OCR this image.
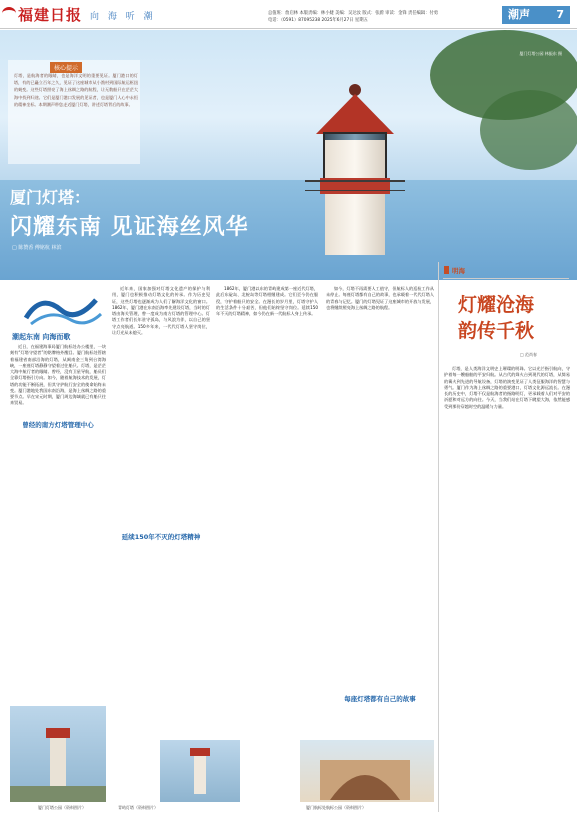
福建日报 向 海 听 潮	总值班：詹启林 本版责编：林小婕 美编：吴达汝 版式：张蔚 审读：金锋 责任编辑：付勇
电话：（0591）87095238 2025年6月27日 星期五	潮声 7
厦门灯塔公园 林振东 摄
核心提示
灯塔，是航海者的眼睛，也是海洋文明的重要见证。厦门港口的灯塔，有的已矗立百年之久，见证了这座城市从小渔村到国际航运枢纽的蜕变。这些灯塔照亮了海上丝绸之路的航程，让无数船只在茫茫大海中找到归途。它们是厦门港口发展的见证者，也是厦门人心中永恒的精神坐标。本期潮声带您走近厦门灯塔，讲述灯塔背后的故事。
厦门灯塔：
闪耀东南 见证海丝风华
□ 陈赞香 傅铭杭 林滨
潮起东南 向海而歌

近日，在福建海事局厦门航标处办公楼里，一块刻有“灯塔守望者”的铭牌格外醒目。厦门航标处管辖着福建省南部沿海的灯塔，从闽南金三角到台湾海峡，一座座灯塔静静守望着过往船只。灯塔，是茫茫大海中航行者的眼睛。曾经，没有卫星导航，船员们全靠灯塔指引方向。如今，随着航海技术的发展，灯塔的功能不断拓展，但其守护航行安全的使命始终未变。厦门港地处我国东南沿海，是海上丝绸之路的重要节点。早在宋元时期，厦门周边海域就已有船只往来贸易。

曾经的南方灯塔管理中心

近年来，国家加强对灯塔文化遗产的保护与利用，厦门也积极推动灯塔文化的传承。作为历史见证，这些灯塔也逐渐成为人们了解海洋文化的窗口。1862年，厦门港在东南沿海率先建设灯塔，当时的灯塔由海关管理，曾一度成为南方灯塔的管理中心。灯塔工作者们长年驻守孤岛，与风浪为伴，以自己的坚守点亮航道。150多年来，一代代灯塔人坚守岗位，让灯光从未熄灭。

延续150年不灭的灯塔精神

1862年，厦门港以东的青屿建成第一座近代灯塔，此后东碇岛、北椗岛等灯塔相继建成。它们至今仍在服役，守护着船只的安全。在漫长的岁月里，灯塔守护人的生活条件十分艰苦，但他们始终坚守岗位。延续150年不灭的灯塔精神，如今仍在新一代航标人身上传承。

如今，灯塔不再需要人工值守，但航标人的巡检工作从未停止。每座灯塔都有自己的故事，也承载着一代代灯塔人的青春与记忆。厦门的灯塔见证了这座城市的开放与发展，也将继续照亮海上丝绸之路的航程。

每座灯塔都有自己的故事
明海
灯耀沧海韵传千秋
□ 范尚春

灯塔，是人类海洋文明史上璀璨的明珠。它以光芒指引航向，守护着每一艘船舶的平安归航。从古代的烽火台到现代的灯塔，从简易的篝火到先进的导航设备，灯塔的演变见证了人类征服海洋的智慧与勇气。厦门作为海上丝绸之路的重要港口，灯塔文化源远流长。在漫长的历史中，灯塔不仅是航海者的指路明灯，更承载着人们对平安的祈愿和对远方的向往。今天，当我们站在灯塔下眺望大海，依然能感受到那份穿越时空的温暖与力量。

厦门灯塔公园（资料图片）	青屿灯塔（资料图片）	厦门航标处航标公园（资料图片）
